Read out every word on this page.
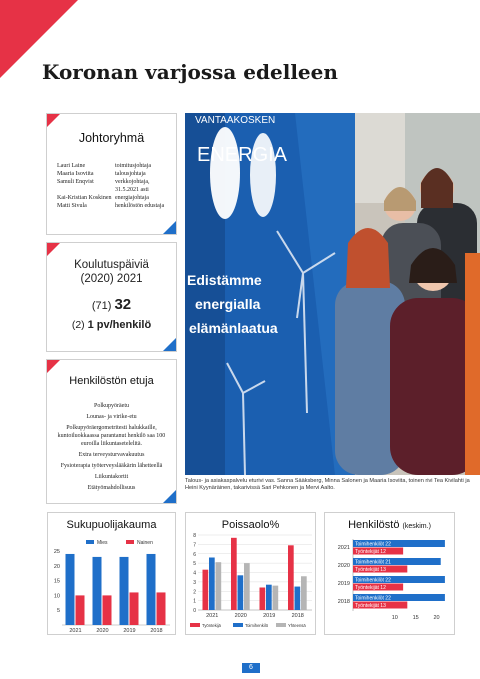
Koronan varjossa edelleen
Johtoryhmä
Lauri Laine	toimitusjohtaja
Maaria Isoviita	talousjohtaja
Samuli Enqvist	verkkojohtaja, 31.5.2021 asti
Kai-Kristian Koskinen energiajohtaja
Matti Sivula	henkilöstön edustaja
Koulutuspäiviä
(2020) 2021
(71) 32
(2) 1 pv/henkilö
Henkilöstön etuja

Polkupyöräetu

Lounas- ja virike-etu

Polkupyöräergometritesti halukkaille, kuntoiluokkaassa parantanut henkilö saa 100 euroilla liikuntasetelelitä.

Extra terveysturvavakuutus

Fysioterapia työterveyslääkärin lähetteellä

Liikuntakortit

Etätyömahdollisuus

VANTAAKOSKEN
ENERGIA
Edistämme
energialla
elämänlaatua
Talous- ja asiakaspalvelu eturivi vas. Sanna Sääksberg, Minna Salonen ja Maaria Isoviita, toinen rivi Tea Kivilahti ja Heini Kyynäräinen, takarivissä Sari Pehkonen ja Mervi Aalto.
Sukupuolijakauma
Mies	Nainen
5
10
15
20
25
2021	2020	2019	2018
Poissaolo%
0
1
2
3
4
5
6
7
8
2021	2020	2019	2018
Työntekijä	Toimihenkilö	Yhteensä
Henkilöstö (keskim.)
Toimihenkilöt 22
Työntekijät 12
2021
Toimihenkilöt 21
Työntekijät 13
2020
Toimihenkilöt 22
Työntekijät 12
2019
Toimihenkilöt 22
Työntekijät 13
2018
10	15	20
6
